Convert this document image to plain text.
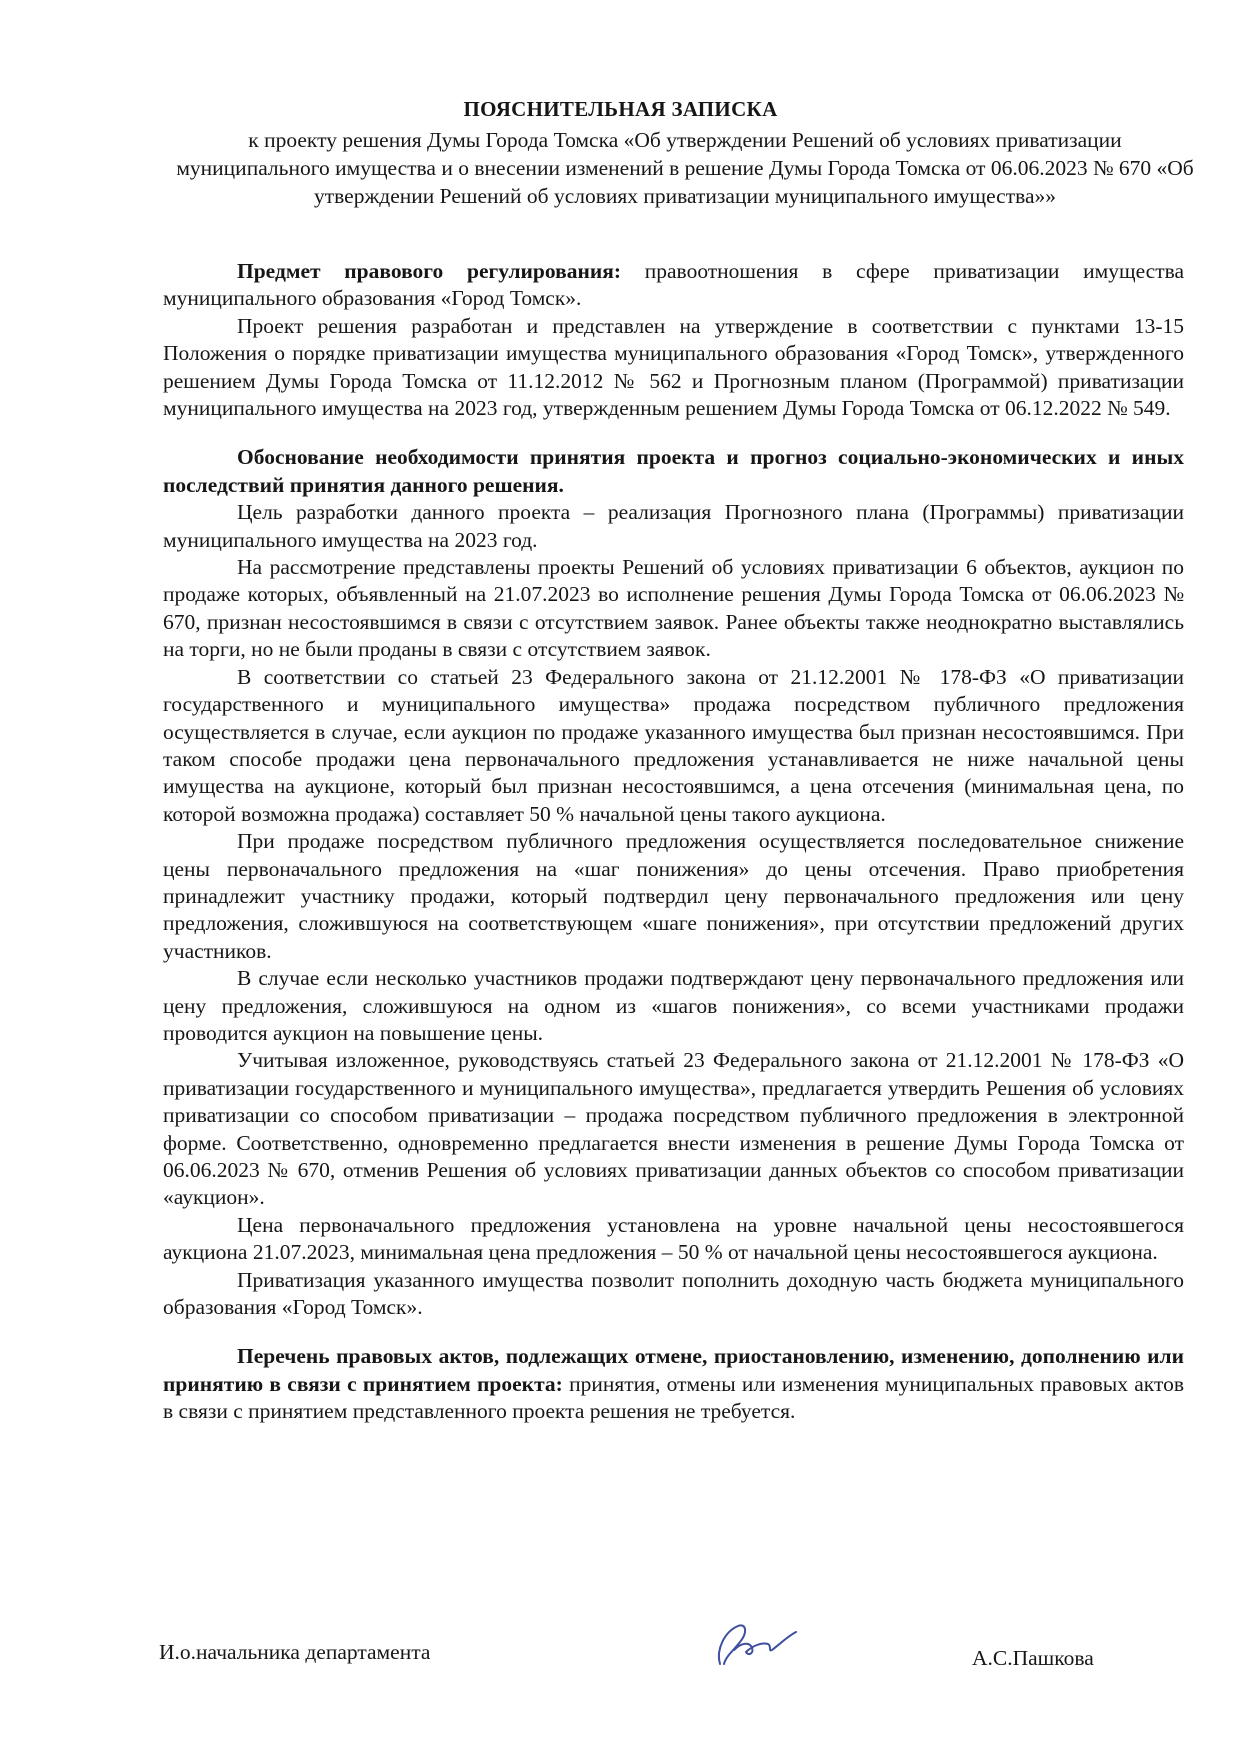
ПОЯСНИТЕЛЬНАЯ ЗАПИСКА
к проекту решения Думы Города Томска «Об утверждении Решений об условиях приватизации муниципального имущества и о внесении изменений в решение Думы Города Томска от 06.06.2023 № 670 «Об утверждении Решений об условиях приватизации муниципального имущества»»

Предмет правового регулирования: правоотношения в сфере приватизации имущества муниципального образования «Город Томск».

Проект решения разработан и представлен на утверждение в соответствии с пунктами 13-15 Положения о порядке приватизации имущества муниципального образования «Город Томск», утвержденного решением Думы Города Томска от 11.12.2012 № 562 и Прогнозным планом (Программой) приватизации муниципального имущества на 2023 год, утвержденным решением Думы Города Томска от 06.12.2022 № 549.

Обоснование необходимости принятия проекта и прогноз социально-экономических и иных последствий принятия данного решения.

Цель разработки данного проекта – реализация Прогнозного плана (Программы) приватизации муниципального имущества на 2023 год.

На рассмотрение представлены проекты Решений об условиях приватизации 6 объектов, аукцион по продаже которых, объявленный на 21.07.2023 во исполнение решения Думы Города Томска от 06.06.2023 № 670, признан несостоявшимся в связи с отсутствием заявок. Ранее объекты также неоднократно выставлялись на торги, но не были проданы в связи с отсутствием заявок.

В соответствии со статьей 23 Федерального закона от 21.12.2001 № 178-ФЗ «О приватизации государственного и муниципального имущества» продажа посредством публичного предложения осуществляется в случае, если аукцион по продаже указанного имущества был признан несостоявшимся. При таком способе продажи цена первоначального предложения устанавливается не ниже начальной цены имущества на аукционе, который был признан несостоявшимся, а цена отсечения (минимальная цена, по которой возможна продажа) составляет 50 % начальной цены такого аукциона.

При продаже посредством публичного предложения осуществляется последовательное снижение цены первоначального предложения на «шаг понижения» до цены отсечения. Право приобретения принадлежит участнику продажи, который подтвердил цену первоначального предложения или цену предложения, сложившуюся на соответствующем «шаге понижения», при отсутствии предложений других участников.

В случае если несколько участников продажи подтверждают цену первоначального предложения или цену предложения, сложившуюся на одном из «шагов понижения», со всеми участниками продажи проводится аукцион на повышение цены.

Учитывая изложенное, руководствуясь статьей 23 Федерального закона от 21.12.2001 № 178-ФЗ «О приватизации государственного и муниципального имущества», предлагается утвердить Решения об условиях приватизации со способом приватизации – продажа посредством публичного предложения в электронной форме. Соответственно, одновременно предлагается внести изменения в решение Думы Города Томска от 06.06.2023 № 670, отменив Решения об условиях приватизации данных объектов со способом приватизации «аукцион».

Цена первоначального предложения установлена на уровне начальной цены несостоявшегося аукциона 21.07.2023, минимальная цена предложения – 50 % от начальной цены несостоявшегося аукциона.

Приватизация указанного имущества позволит пополнить доходную часть бюджета муниципального образования «Город Томск».

Перечень правовых актов, подлежащих отмене, приостановлению, изменению, дополнению или принятию в связи с принятием проекта: принятия, отмены или изменения муниципальных правовых актов в связи с принятием представленного проекта решения не требуется.

И.о.начальника департамента	А.С.Пашкова
